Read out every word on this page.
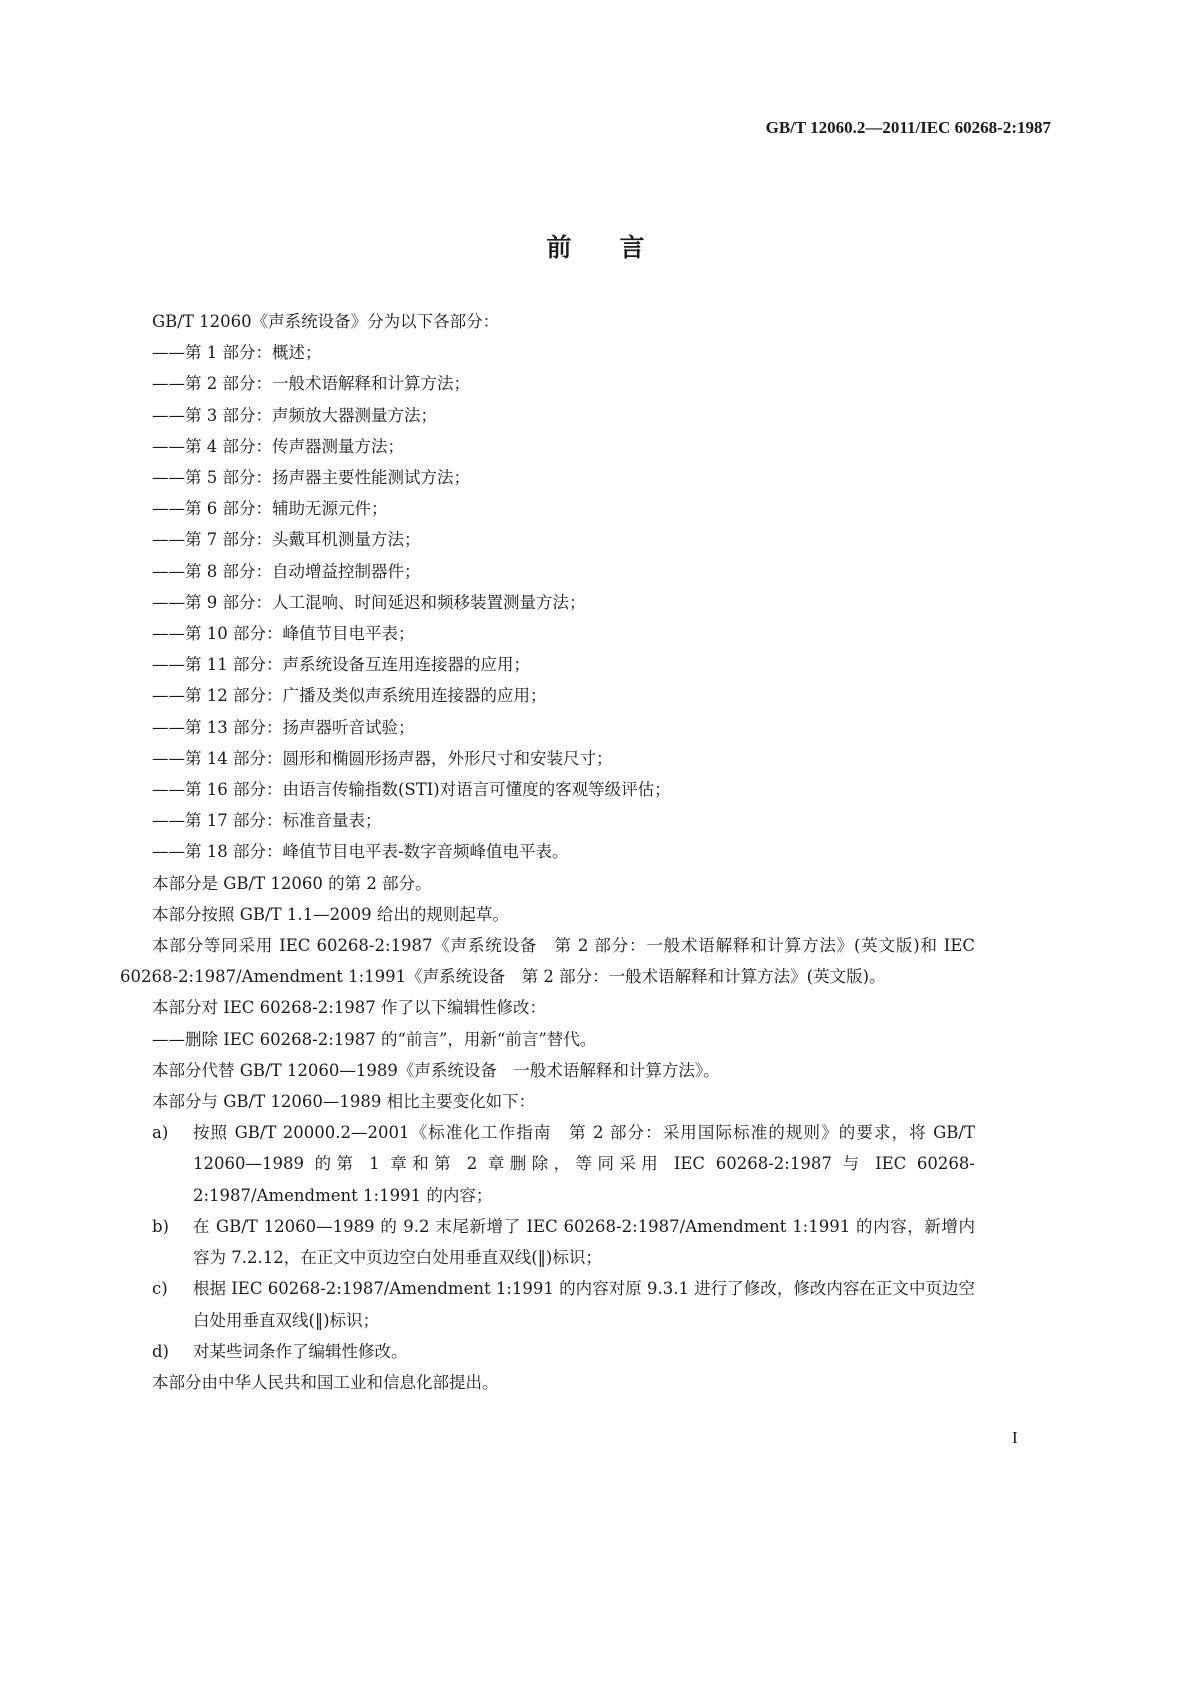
GB/T 12060.2—2011/IEC 60268-2:1987
前言
GB/T 12060《声系统设备》分为以下各部分：
——第 1 部分：概述；
——第 2 部分：一般术语解释和计算方法；
——第 3 部分：声频放大器测量方法；
——第 4 部分：传声器测量方法；
——第 5 部分：扬声器主要性能测试方法；
——第 6 部分：辅助无源元件；
——第 7 部分：头戴耳机测量方法；
——第 8 部分：自动增益控制器件；
——第 9 部分：人工混响、时间延迟和频移装置测量方法；
——第 10 部分：峰值节目电平表；
——第 11 部分：声系统设备互连用连接器的应用；
——第 12 部分：广播及类似声系统用连接器的应用；
——第 13 部分：扬声器听音试验；
——第 14 部分：圆形和椭圆形扬声器，外形尺寸和安装尺寸；
——第 16 部分：由语言传输指数(STI)对语言可懂度的客观等级评估；
——第 17 部分：标准音量表；
——第 18 部分：峰值节目电平表-数字音频峰值电平表。
本部分是 GB/T 12060 的第 2 部分。
本部分按照 GB/T 1.1—2009 给出的规则起草。
本部分等同采用 IEC 60268-2:1987《声系统设备　第 2 部分：一般术语解释和计算方法》(英文版)和 IEC 60268-2:1987/Amendment 1:1991《声系统设备　第 2 部分：一般术语解释和计算方法》(英文版)。
本部分对 IEC 60268-2:1987 作了以下编辑性修改：
——删除 IEC 60268-2:1987 的“前言”，用新“前言”替代。
本部分代替 GB/T 12060—1989《声系统设备　一般术语解释和计算方法》。
本部分与 GB/T 12060—1989 相比主要变化如下：
a)	按照 GB/T 20000.2—2001《标准化工作指南　第 2 部分：采用国际标准的规则》的要求，将 GB/T 12060—1989 的第 1 章和第 2 章删除，等同采用 IEC 60268-2:1987 与 IEC 60268-2:1987/Amendment 1:1991 的内容；
b)	在 GB/T 12060—1989 的 9.2 末尾新增了 IEC 60268-2:1987/Amendment 1:1991 的内容，新增内容为 7.2.12，在正文中页边空白处用垂直双线(‖)标识；
c)	根据 IEC 60268-2:1987/Amendment 1:1991 的内容对原 9.3.1 进行了修改，修改内容在正文中页边空白处用垂直双线(‖)标识；
d)	对某些词条作了编辑性修改。
本部分由中华人民共和国工业和信息化部提出。
I
